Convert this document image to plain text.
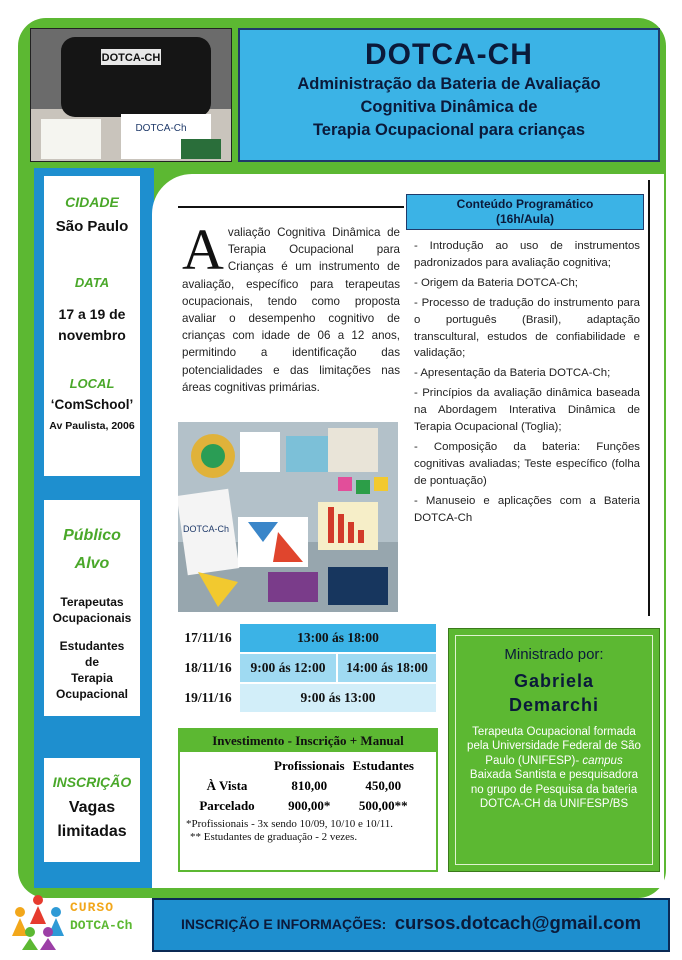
DOTCA-CH
DOTCA-Ch
DOTCA-CH
Administração da Bateria de Avaliação
Cognitiva Dinâmica de
Terapia Ocupacional para crianças
CIDADE
São Paulo
DATA
17 a 19 de
novembro
LOCAL
‘ComSchool’
Av Paulista, 2006
Público
Alvo
Terapeutas
Ocupacionais
Estudantes
de
Terapia
Ocupacional
INSCRIÇÃO
Vagas
limitadas
Avaliação Cognitiva Dinâmica de Terapia Ocupacional para Crianças é um instrumento de avaliação, específico para terapeutas ocupacionais, tendo como proposta avaliar o desempenho cognitivo de crianças com idade de 06 a 12 anos, permitindo a identificação das potencialidades e das limitações nas áreas cognitivas primárias.
Conteúdo Programático
(16h/Aula)

- Introdução ao uso de instrumentos padronizados para avaliação cognitiva;

- Origem da Bateria DOTCA-Ch;

- Processo de tradução do instrumento para o português (Brasil), adaptação transcultural, estudos de confiabilidade e validação;

- Apresentação da Bateria DOTCA-Ch;

- Princípios da avaliação dinâmica baseada na Abordagem Interativa Dinâmica de Terapia Ocupacional (Toglia);

- Composição da bateria: Funções cognitivas avaliadas; Teste específico (folha de pontuação)

- Manuseio e aplicações com a Bateria DOTCA-Ch

DOTCA-Ch
17/11/16	13:00 ás 18:00
18/11/16	9:00 ás 12:00	14:00 ás 18:00
19/11/16	9:00 ás 13:00
Investimento - Inscrição + Manual
	Profissionais	Estudantes
À Vista	810,00	450,00
Parcelado	900,00*	500,00**
*Profissionais - 3x sendo 10/09, 10/10 e 10/11.
** Estudantes de graduação - 2 vezes.
Ministrado por:
Gabriela
Demarchi
Terapeuta Ocupacional formada pela Universidade Federal de São Paulo (UNIFESP)- campus Baixada Santista e pesquisadora no grupo de Pesquisa da bateria DOTCA-CH da UNIFESP/BS
CURSO
DOTCA-Ch	INSCRIÇÃO E INFORMAÇÕES: cursos.dotcach@gmail.com
